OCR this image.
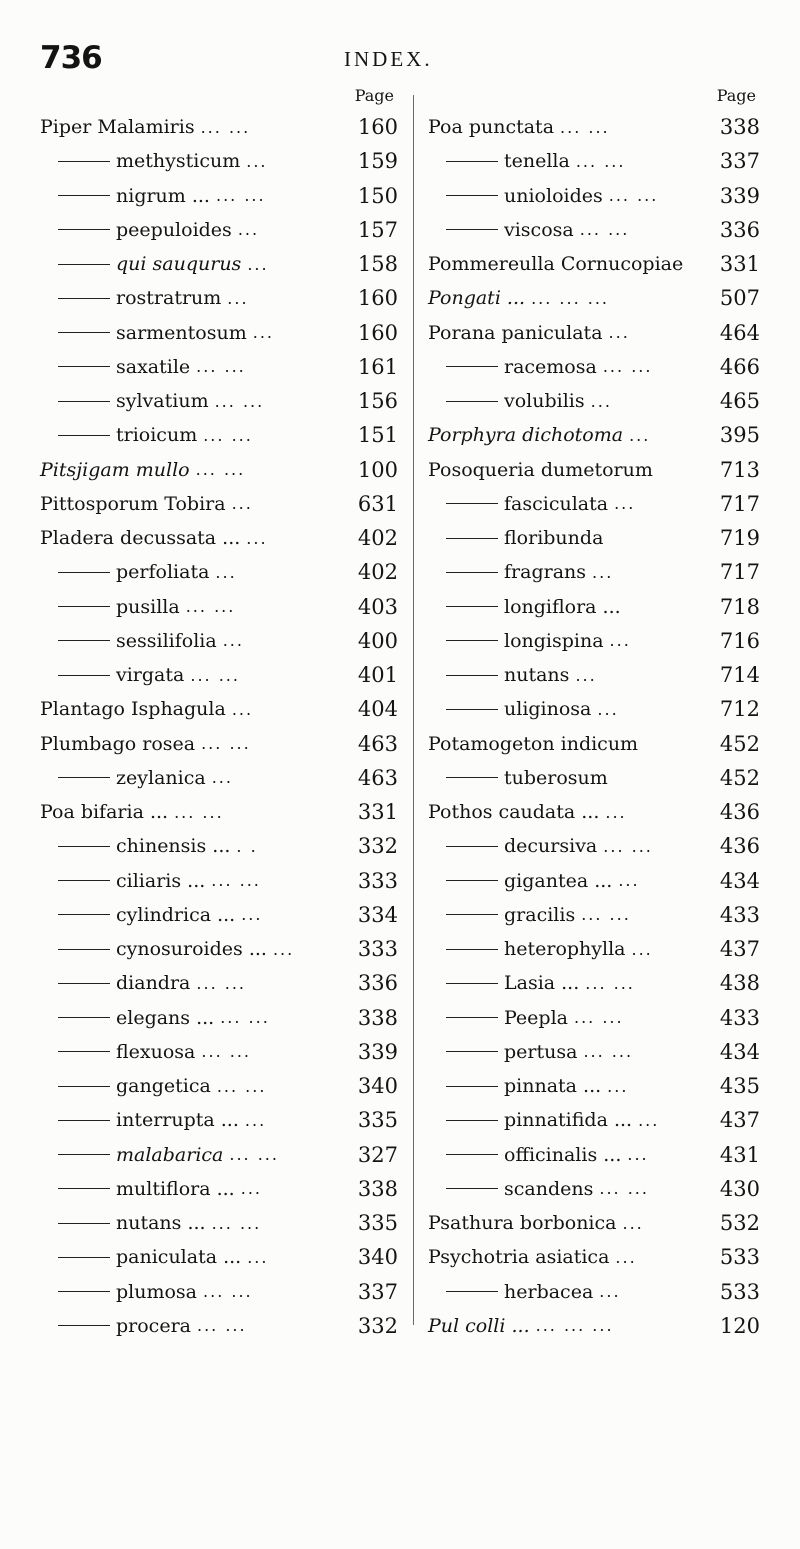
736	INDEX.
Page
Piper Malamiris ... ...	160
methysticum ...	159
nigrum ... ... ...	150
peepuloides ...	157
qui sauqurus ...	158
rostratrum ...	160
sarmentosum ...	160
saxatile ... ...	161
sylvatium ... ...	156
trioicum ... ...	151
Pitsjigam mullo ... ...	100
Pittosporum Tobira ...	631
Pladera decussata ... ...	402
perfoliata ...	402
pusilla ... ...	403
sessilifolia ...	400
virgata ... ...	401
Plantago Isphagula ...	404
Plumbago rosea ... ...	463
zeylanica ...	463
Poa bifaria ... ... ...	331
chinensis ... . .	332
ciliaris ... ... ...	333
cylindrica ... ...	334
cynosuroides ... ...	333
diandra ... ...	336
elegans ... ... ...	338
flexuosa ... ...	339
gangetica ... ...	340
interrupta ... ...	335
malabarica ... ...	327
multiflora ... ...	338
nutans ... ... ...	335
paniculata ... ...	340
plumosa ... ...	337
procera ... ...	332
Page
Poa punctata ... ...	338
tenella ... ...	337
unioloides ... ...	339
viscosa ... ...	336
Pommereulla Cornucopiae	331
Pongati ... ... ... ...	507
Porana paniculata ...	464
racemosa ... ...	466
volubilis ...	465
Porphyra dichotoma ...	395
Posoqueria dumetorum	713
fasciculata ...	717
floribunda	719
fragrans ...	717
longiflora ...	718
longispina ...	716
nutans ...	714
uliginosa ...	712
Potamogeton indicum	452
tuberosum	452
Pothos caudata ... ...	436
decursiva ... ...	436
gigantea ... ...	434
gracilis ... ...	433
heterophylla ...	437
Lasia ... ... ...	438
Peepla ... ...	433
pertusa ... ...	434
pinnata ... ...	435
pinnatifida ... ...	437
officinalis ... ...	431
scandens ... ...	430
Psathura borbonica ...	532
Psychotria asiatica ...	533
herbacea ...	533
Pul colli ... ... ... ...	120
